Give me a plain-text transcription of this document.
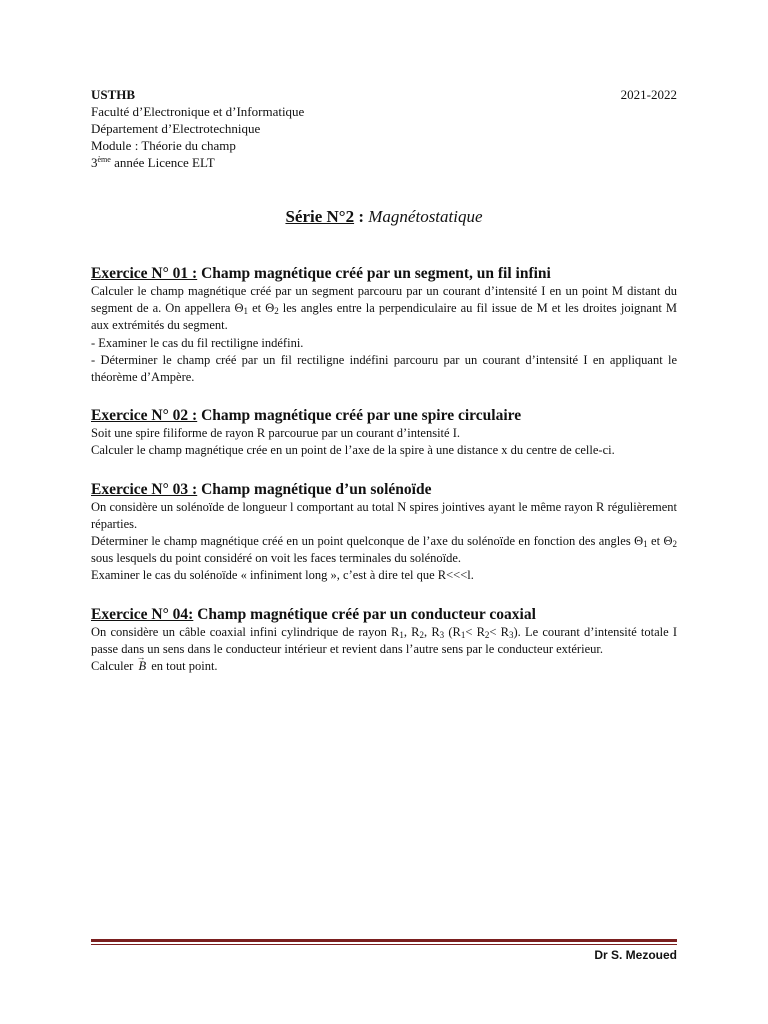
USTHB	2021-2022
Faculté d’Electronique et d’Informatique
Département d’Electrotechnique
Module : Théorie du champ
3ème année Licence ELT
Série N°2 : Magnétostatique
Exercice N° 01 : Champ magnétique créé par un segment, un fil infini

Calculer le champ magnétique créé par un segment parcouru par un courant d’intensité I en un point M distant du segment de a. On appellera $\Theta_1$ et $\Theta_2$ les angles entre la perpendiculaire au fil issue de M et les droites joignant M aux extrémités du segment.

- Examiner le cas du fil rectiligne indéfini.

- Déterminer le champ créé par un fil rectiligne indéfini parcouru par un courant d’intensité I en appliquant le théorème d’Ampère.

Exercice N° 02 : Champ magnétique créé par une spire circulaire

Soit une spire filiforme de rayon R parcourue par un courant d’intensité I.

Calculer le champ magnétique crée en un point de l’axe de la spire à une distance x du centre de celle-ci.

Exercice N° 03 : Champ magnétique d’un solénoïde

On considère un solénoïde de longueur l comportant au total N spires jointives ayant le même rayon R régulièrement réparties.

Déterminer le champ magnétique créé en un point quelconque de l’axe du solénoïde en fonction des angles $\Theta_1$ et $\Theta_2$ sous lesquels du point considéré on voit les faces terminales du solénoïde.

Examiner le cas du solénoïde « infiniment long », c’est à dire tel que R<<<l.

Exercice N° 04: Champ magnétique créé par un conducteur coaxial

On considère un câble coaxial infini cylindrique de rayon $R_1$, $R_2$, $R_3$ $(R_1< R_2< R_3)$. Le courant d’intensité totale I passe dans un sens dans le conducteur intérieur et revient dans l’autre sens par le conducteur extérieur.

Calculer → B en tout point.

Dr S. Mezoued
